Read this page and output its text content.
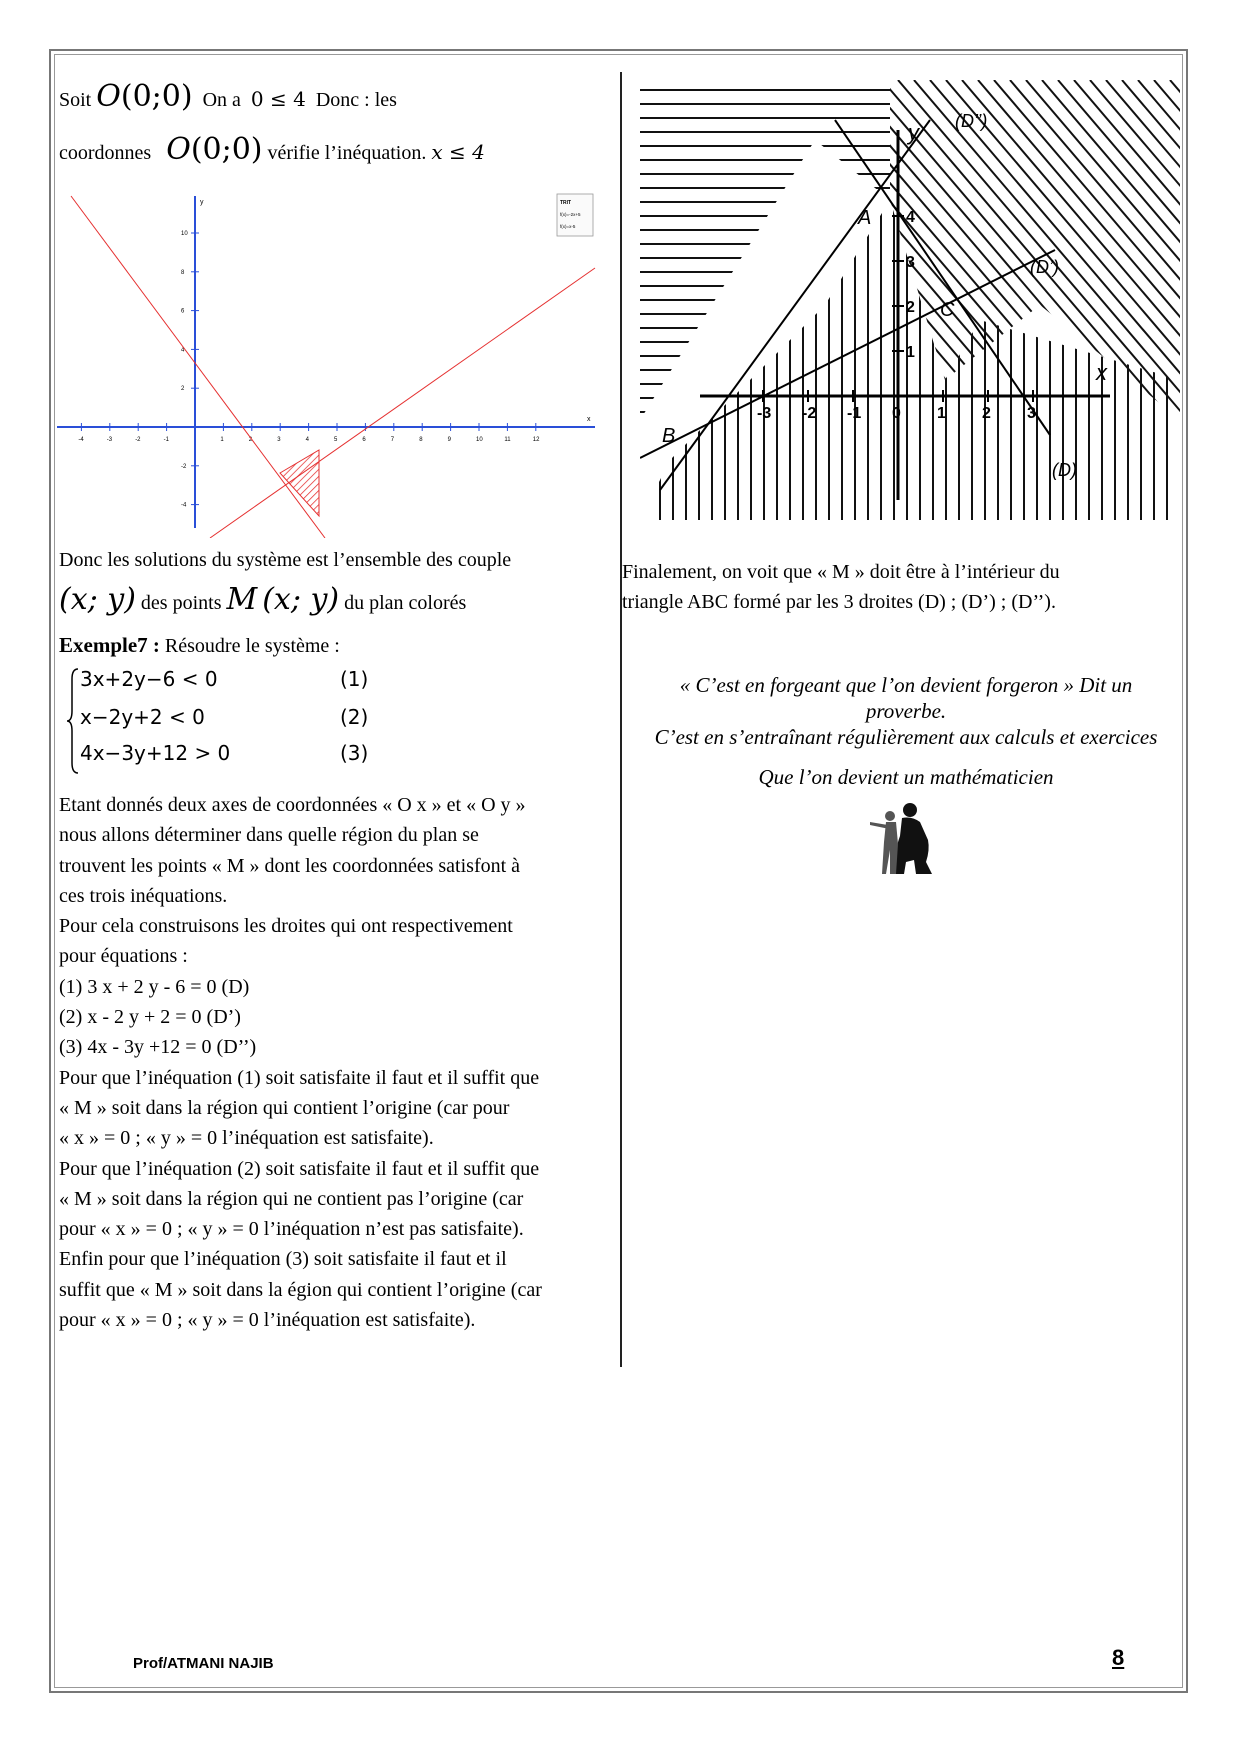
Soit O(0;0) On a 0 ≤ 4 Donc : les
coordonnes O(0;0) vérifie l’inéquation. x ≤ 4
-4	-3	-2	-1	1	2	3	4	5	6	7	8	9	10	11	12
10
8
6
4
2
-2
-4
y
x
TRIT
f(x)=-2x+5
f(x)=x-5
Donc les solutions du système est l’ensemble des couple
(x; y) des points M (x; y) du plan colorés
Exemple7 : Résoudre le système :
3x+2y−6 < 0	(1)
x−2y+2 < 0	(2)
4x−3y+12 > 0	(3)
Etant donnés deux axes de coordonnées « O x » et « O y »
nous allons déterminer dans quelle région du plan se
trouvent les points « M » dont les coordonnées satisfont à
ces trois inéquations.
Pour cela construisons les droites qui ont respectivement
pour équations :
(1) 3 x + 2 y - 6 = 0 (D)
(2) x - 2 y + 2 = 0 (D’)
(3) 4x - 3y +12 = 0 (D’’)
Pour que l’inéquation (1) soit satisfaite il faut et il suffit que
« M » soit dans la région qui contient l’origine (car pour
« x » = 0 ; « y » = 0 l’inéquation est satisfaite).
Pour que l’inéquation (2) soit satisfaite il faut et il suffit que
« M » soit dans la région qui ne contient pas l’origine (car
pour « x » = 0 ; « y » = 0 l’inéquation n’est pas satisfaite).
Enfin pour que l’inéquation (3) soit satisfaite il faut et il
suffit que « M » soit dans la égion qui contient l’origine (car
pour « x » = 0 ; « y » = 0 l’inéquation est satisfaite).
y
x
A
B
C
(D)
(D’)
(D’’)
-3 -2 -1 0 1 2 3
4
3
2
1
Finalement, on voit que « M » doit être à l’intérieur du
triangle ABC formé par les 3 droites (D) ; (D’) ; (D’’).
« C’est en forgeant que l’on devient forgeron » Dit un
proverbe.
C’est en s’entraînant régulièrement aux calculs et exercices
Que l’on devient un mathématicien
Prof/ATMANI NAJIB	8
